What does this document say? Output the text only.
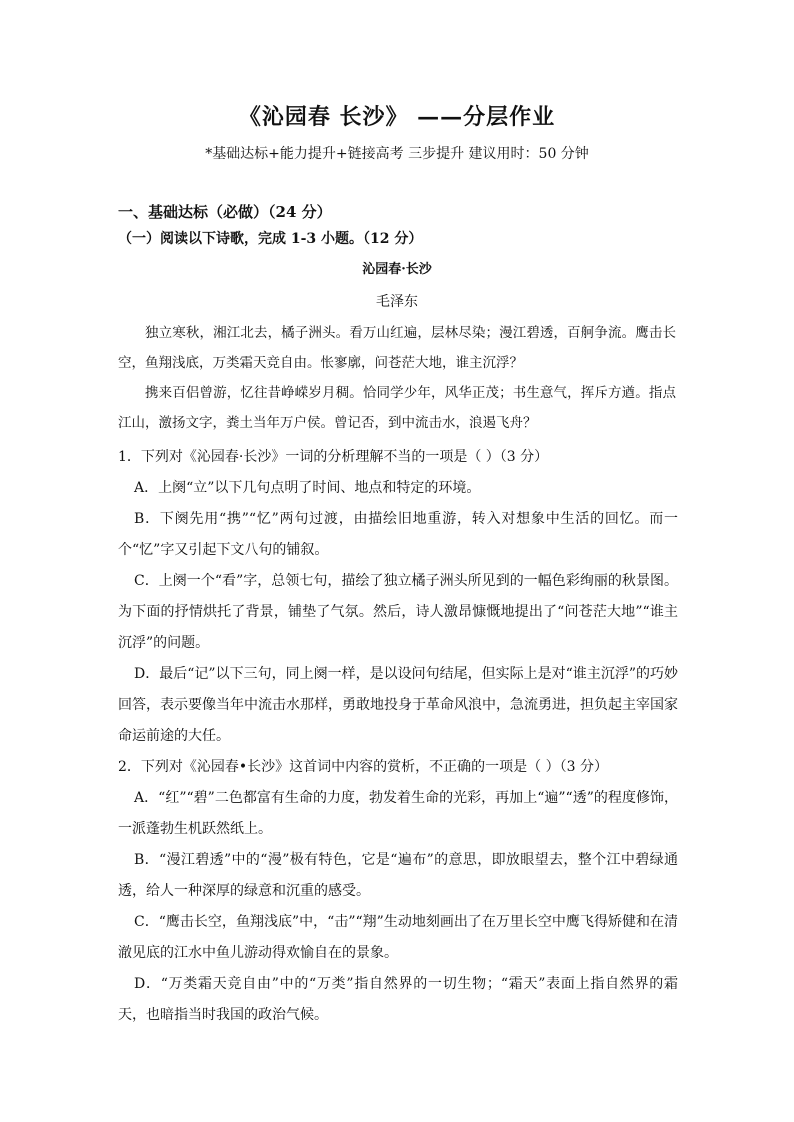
《沁园春 长沙》 ——分层作业
*基础达标+能力提升+链接高考 三步提升 建议用时：50 分钟
一、基础达标（必做）（24 分）
（一）阅读以下诗歌，完成 1-3 小题。（12 分）
沁园春·长沙
毛泽东

独立寒秋，湘江北去，橘子洲头。看万山红遍，层林尽染；漫江碧透，百舸争流。鹰击长空，鱼翔浅底，万类霜天竞自由。怅寥廓，问苍茫大地，谁主沉浮？

携来百侣曾游，忆往昔峥嵘岁月稠。恰同学少年，风华正茂；书生意气，挥斥方遒。指点江山，激扬文字，粪土当年万户侯。曾记否，到中流击水，浪遏飞舟？

1．下列对《沁园春·长沙》一词的分析理解不当的一项是（ ）（3 分）

A．上阕“立”以下几句点明了时间、地点和特定的环境。

B．下阕先用“携”“忆”两句过渡，由描绘旧地重游，转入对想象中生活的回忆。而一个“忆”字又引起下文八句的铺叙。

C．上阕一个“看”字，总领七句，描绘了独立橘子洲头所见到的一幅色彩绚丽的秋景图。为下面的抒情烘托了背景，铺垫了气氛。然后，诗人激昂慷慨地提出了“问苍茫大地”“谁主沉浮”的问题。

D．最后“记”以下三句，同上阕一样，是以设问句结尾，但实际上是对“谁主沉浮”的巧妙回答，表示要像当年中流击水那样，勇敢地投身于革命风浪中，急流勇进，担负起主宰国家命运前途的大任。

2．下列对《沁园春•长沙》这首词中内容的赏析，不正确的一项是（ ）（3 分）

A．“红”“碧”二色都富有生命的力度，勃发着生命的光彩，再加上“遍”“透”的程度修饰，一派蓬勃生机跃然纸上。

B．“漫江碧透”中的“漫”极有特色，它是“遍布”的意思，即放眼望去，整个江中碧绿通透，给人一种深厚的绿意和沉重的感受。

C．“鹰击长空，鱼翔浅底”中，“击”“翔”生动地刻画出了在万里长空中鹰飞得矫健和在清澈见底的江水中鱼儿游动得欢愉自在的景象。

D．“万类霜天竞自由”中的“万类”指自然界的一切生物；“霜天”表面上指自然界的霜天，也暗指当时我国的政治气候。
